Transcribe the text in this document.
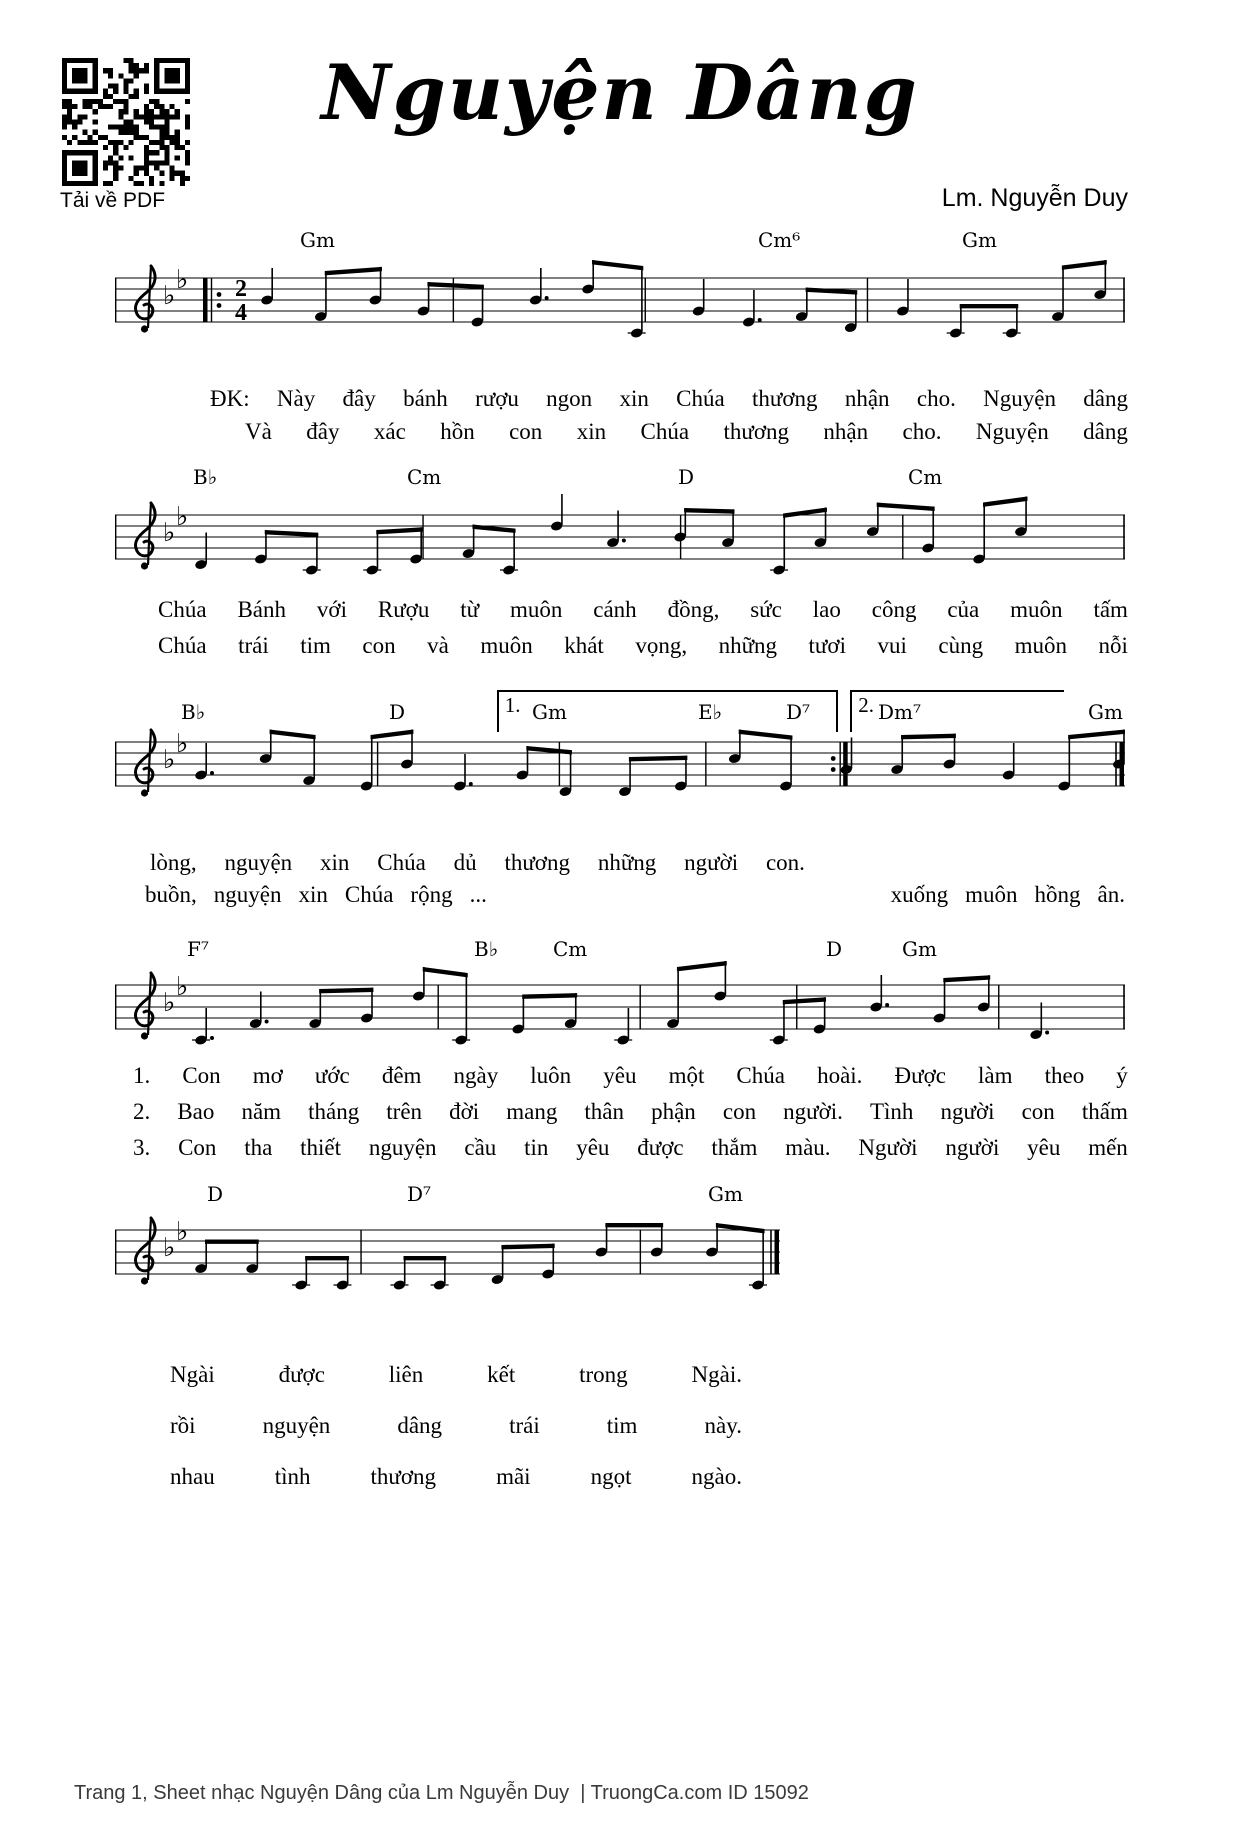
Tải về PDF
Nguyện Dâng
Lm. Nguyễn Duy
♭
♭ 2
4
Gm	Cm⁶	Gm
ĐK: Này đây bánh rượu ngon xin Chúa thương nhận cho. Nguyện dâng
Và đây xác hồn con xin Chúa thương nhận cho. Nguyện dâng
♭
♭
B♭	Cm	D	Cm
Chúa Bánh với Rượu từ muôn cánh đồng, sức lao công của muôn tấm
Chúa trái tim con và muôn khát vọng, những tươi vui cùng muôn nỗi
♭
♭
B♭	D	Gm	E♭	D⁷	Dm⁷	Gm
1.	2.
lòng, nguyện xin Chúa dủ thương những người con.
buồn, nguyện xin Chúa rộng ...	xuống muôn hồng ân.
♭
♭
F⁷	B♭	Cm	D	Gm
1. Con mơ ước đêm ngày luôn yêu một Chúa hoài. Được làm theo ý
2. Bao năm tháng trên đời mang thân phận con người. Tình người con thấm
3. Con tha thiết nguyện cầu tin yêu được thắm màu. Người người yêu mến
♭
♭
D	D⁷	Gm
Ngài	được	liên	kết	trong	Ngài.
rồi	nguyện	dâng	trái	tim	này.
nhau	tình	thương	mãi	ngọt	ngào.
Trang 1, Sheet nhạc Nguyện Dâng của Lm Nguyễn Duy  | TruongCa.com ID 15092
